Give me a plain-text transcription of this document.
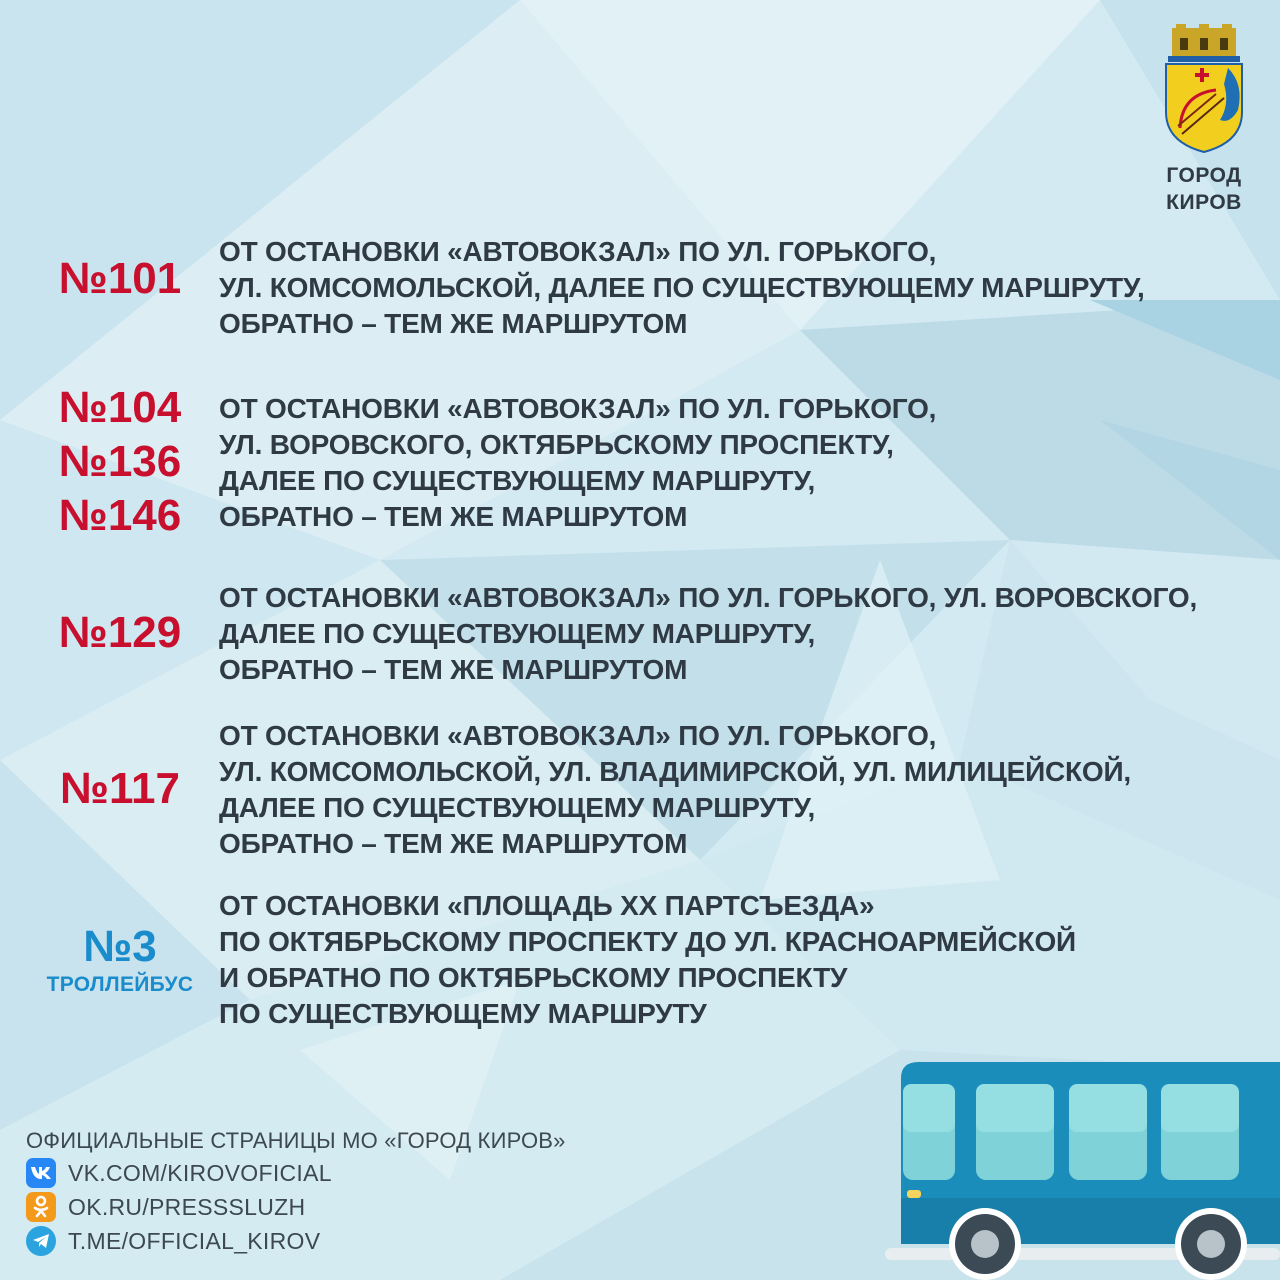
ГОРОД
КИРОВ
№101
ОТ ОСТАНОВКИ «АВТОВОКЗАЛ» ПО УЛ. ГОРЬКОГО,
УЛ. КОМСОМОЛЬСКОЙ, ДАЛЕЕ ПО СУЩЕСТВУЮЩЕМУ МАРШРУТУ,
ОБРАТНО – ТЕМ ЖЕ МАРШРУТОМ
№104
№136
№146
ОТ ОСТАНОВКИ «АВТОВОКЗАЛ» ПО УЛ. ГОРЬКОГО,
УЛ. ВОРОВСКОГО, ОКТЯБРЬСКОМУ ПРОСПЕКТУ,
ДАЛЕЕ ПО СУЩЕСТВУЮЩЕМУ МАРШРУТУ,
ОБРАТНО – ТЕМ ЖЕ МАРШРУТОМ
№129
ОТ ОСТАНОВКИ «АВТОВОКЗАЛ» ПО УЛ. ГОРЬКОГО, УЛ. ВОРОВСКОГО,
ДАЛЕЕ ПО СУЩЕСТВУЮЩЕМУ МАРШРУТУ,
ОБРАТНО – ТЕМ ЖЕ МАРШРУТОМ
№117
ОТ ОСТАНОВКИ «АВТОВОКЗАЛ» ПО УЛ. ГОРЬКОГО,
УЛ. КОМСОМОЛЬСКОЙ, УЛ. ВЛАДИМИРСКОЙ, УЛ. МИЛИЦЕЙСКОЙ,
ДАЛЕЕ ПО СУЩЕСТВУЮЩЕМУ МАРШРУТУ,
ОБРАТНО – ТЕМ ЖЕ МАРШРУТОМ
№3
ТРОЛЛЕЙБУС
ОТ ОСТАНОВКИ «ПЛОЩАДЬ XX ПАРТСЪЕЗДА»
ПО ОКТЯБРЬСКОМУ ПРОСПЕКТУ ДО УЛ. КРАСНОАРМЕЙСКОЙ
И ОБРАТНО ПО ОКТЯБРЬСКОМУ ПРОСПЕКТУ
ПО СУЩЕСТВУЮЩЕМУ МАРШРУТУ
ОФИЦИАЛЬНЫЕ СТРАНИЦЫ МО «ГОРОД КИРОВ»
VK.COM/KIROVOFICIAL
OK.RU/PRESSSLUZH
T.ME/OFFICIAL_KIROV
